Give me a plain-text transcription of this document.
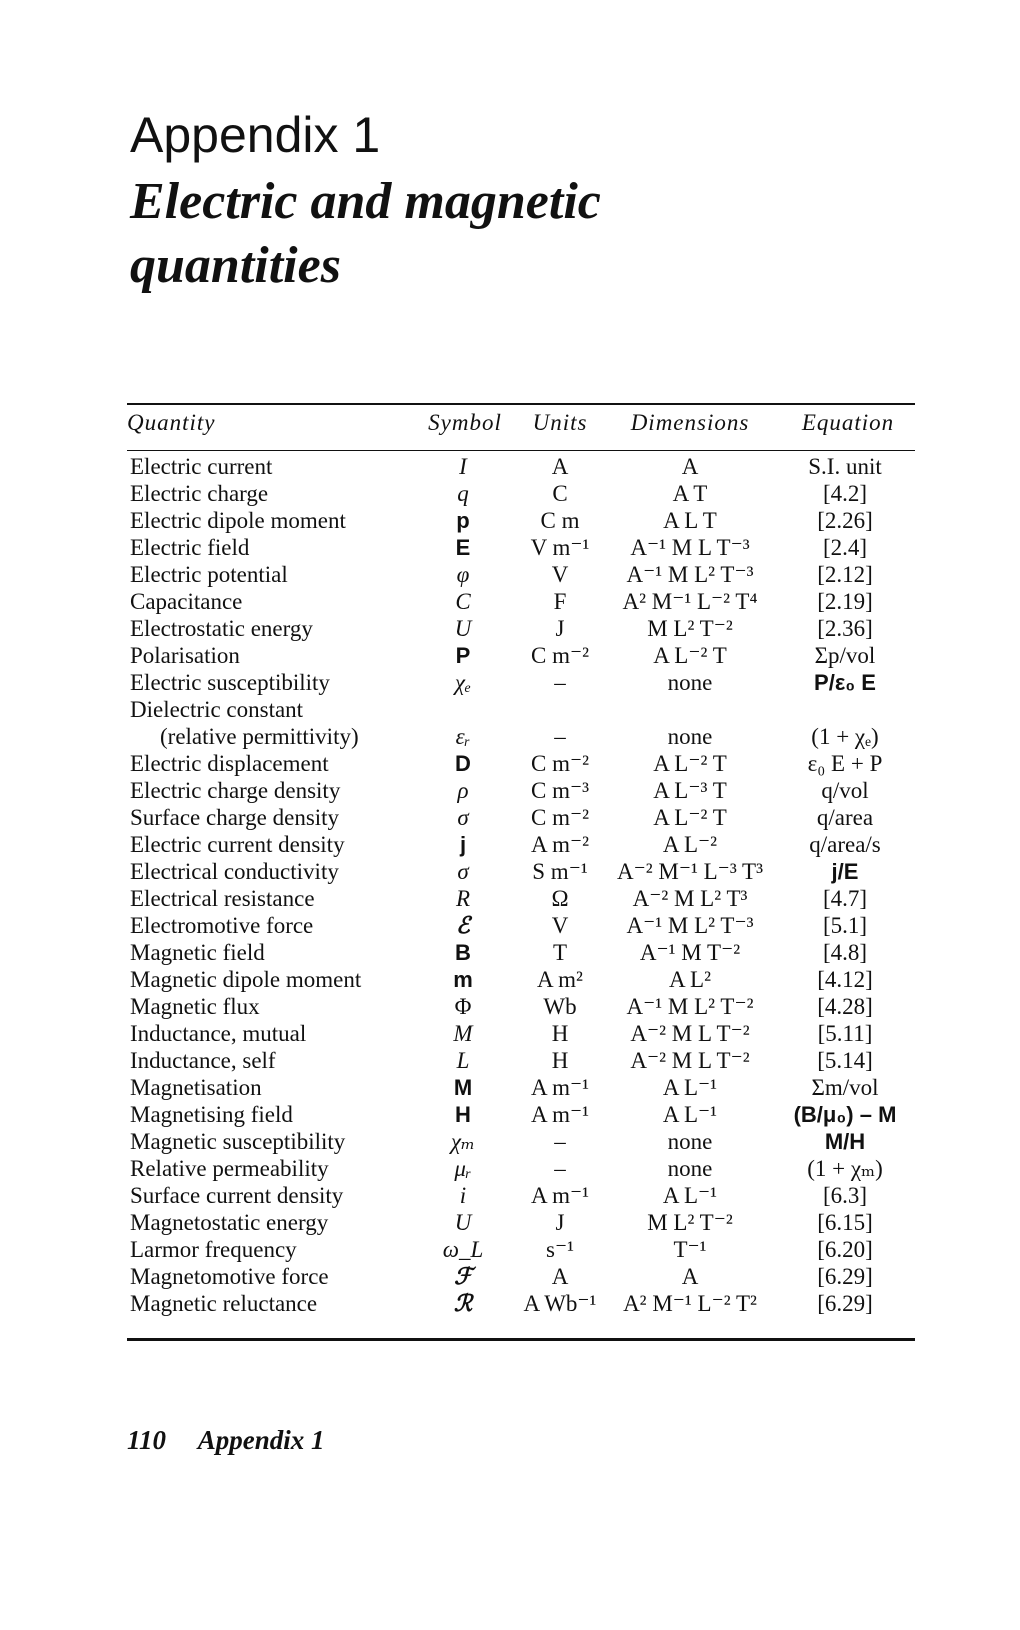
Appendix 1
Electric and magnetic quantities
Quantity	Symbol	Units	Dimensions	Equation
Electric current	I	A	A	S.I. unit
Electric charge	q	C	A T	[4.2]
Electric dipole moment	p	C m	A L T	[2.26]
Electric field	E	V m⁻¹	A⁻¹ M L T⁻³	[2.4]
Electric potential	φ	V	A⁻¹ M L² T⁻³	[2.12]
Capacitance	C	F	A² M⁻¹ L⁻² T⁴	[2.19]
Electrostatic energy	U	J	M L² T⁻²	[2.36]
Polarisation	P	C m⁻²	A L⁻² T	Σp/vol
Electric susceptibility	χₑ	–	none	P/ε₀ E
Dielectric constant
(relative permittivity)	εᵣ	–	none	(1 + χₑ)
Electric displacement	D	C m⁻²	A L⁻² T	ε₀ E + P
Electric charge density	ρ	C m⁻³	A L⁻³ T	q/vol
Surface charge density	σ	C m⁻²	A L⁻² T	q/area
Electric current density	j	A m⁻²	A L⁻²	q/area/s
Electrical conductivity	σ	S m⁻¹	A⁻² M⁻¹ L⁻³ T³	j/E
Electrical resistance	R	Ω	A⁻² M L² T³	[4.7]
Electromotive force	ℰ	V	A⁻¹ M L² T⁻³	[5.1]
Magnetic field	B	T	A⁻¹ M T⁻²	[4.8]
Magnetic dipole moment	m	A m²	A L²	[4.12]
Magnetic flux	Φ	Wb	A⁻¹ M L² T⁻²	[4.28]
Inductance, mutual	M	H	A⁻² M L T⁻²	[5.11]
Inductance, self	L	H	A⁻² M L T⁻²	[5.14]
Magnetisation	M	A m⁻¹	A L⁻¹	Σm/vol
Magnetising field	H	A m⁻¹	A L⁻¹	(B/μ₀) – M
Magnetic susceptibility	χₘ	–	none	M/H
Relative permeability	μᵣ	–	none	(1 + χₘ)
Surface current density	i	A m⁻¹	A L⁻¹	[6.3]
Magnetostatic energy	U	J	M L² T⁻²	[6.15]
Larmor frequency	ω_L	s⁻¹	T⁻¹	[6.20]
Magnetomotive force	ℱ	A	A	[6.29]
Magnetic reluctance	ℛ	A Wb⁻¹	A² M⁻¹ L⁻² T²	[6.29]
110 Appendix 1
